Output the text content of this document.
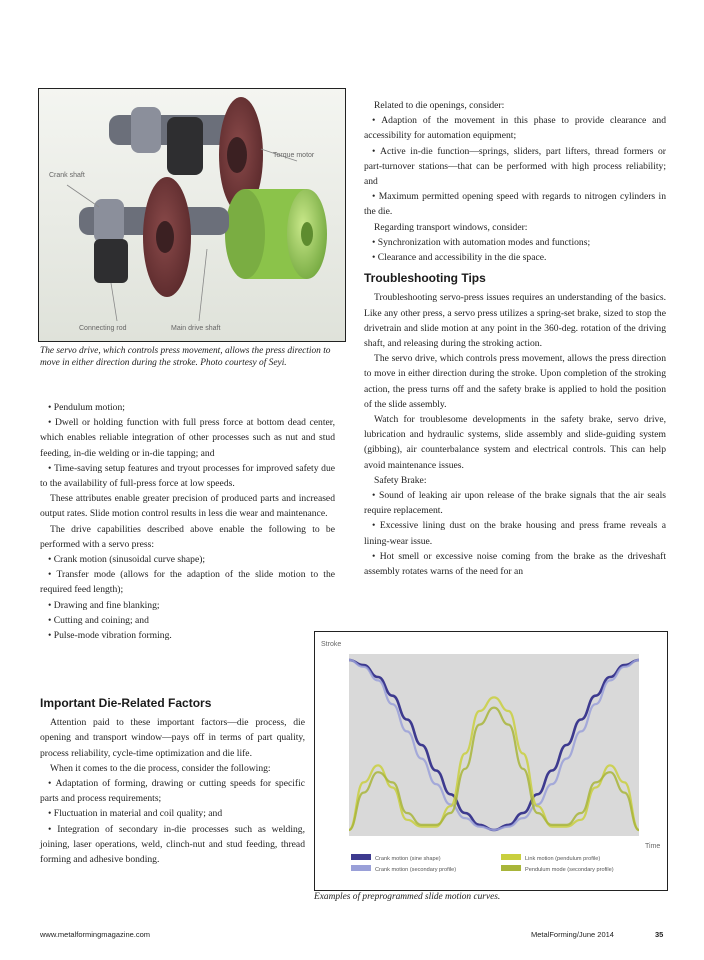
Crank shaft
Torque motor
Connecting rod	Main drive shaft
The servo drive, which controls press movement, allows the press direction to move in either direction during the stroke. Photo courtesy of Seyi.

• Pendulum motion;

• Dwell or holding function with full press force at bottom dead center, which enables reliable integration of other processes such as nut and stud feeding, in-die welding or in-die tapping; and

• Time-saving setup features and tryout processes for improved safety due to the availability of full-press force at low speeds.

These attributes enable greater precision of produced parts and increased output rates. Slide motion control results in less die wear and maintenance.

The drive capabilities described above enable the following to be performed with a servo press:

• Crank motion (sinusoidal curve shape);

• Transfer mode (allows for the adaption of the slide motion to the required feed length);

• Drawing and fine blanking;

• Cutting and coining; and

• Pulse-mode vibration forming.

Important Die-Related Factors

Attention paid to these important factors—die process, die opening and transport window—pays off in terms of part quality, process reliability, cycle-time optimization and die life.

When it comes to the die process, consider the following:

• Adaptation of forming, drawing or cutting speeds for specific parts and process requirements;

• Fluctuation in material and coil quality; and

• Integration of secondary in-die processes such as welding, joining, laser operations, weld, clinch-nut and stud feeding, thread forming and adhesive bonding.

Related to die openings, consider:

• Adaption of the movement in this phase to provide clearance and accessibility for automation equipment;

• Active in-die function—springs, sliders, part lifters, thread formers or part-turnover stations—that can be performed with high process reliability; and

• Maximum permitted opening speed with regards to nitrogen cylinders in the die.

Regarding transport windows, consider:

• Synchronization with automation modes and functions;

• Clearance and accessibility in the die space.

Troubleshooting Tips

Troubleshooting servo-press issues requires an understanding of the basics. Like any other press, a servo press utilizes a spring-set brake, sized to stop the drivetrain and slide motion at any point in the 360-deg. rotation of the driving shaft, and releasing during the stroking action.

The servo drive, which controls press movement, allows the press direction to move in either direction during the stroke. Upon completion of the stroking action, the press turns off and the safety brake is applied to hold the position of the slide assembly.

Watch for troublesome developments in the safety brake, servo drive, lubrication and hydraulic systems, slide assembly and slide-guiding system (gibbing), air counterbalance system and electrical controls. This can help avoid maintenance issues.

Safety Brake:

• Sound of leaking air upon release of the brake signals that the air seals require replacement.

• Excessive lining dust on the brake housing and press frame reveals a lining-wear issue.

• Hot smell or excessive noise coming from the brake as the driveshaft assembly rotates warns of the need for an

Stroke
Time
Crank motion (sine shape)
Crank motion (secondary profile)
Link motion (pendulum profile)
Pendulum mode (secondary profile)
Examples of preprogrammed slide motion curves.
www.metalformingmagazine.com	MetalForming/June 2014	35
